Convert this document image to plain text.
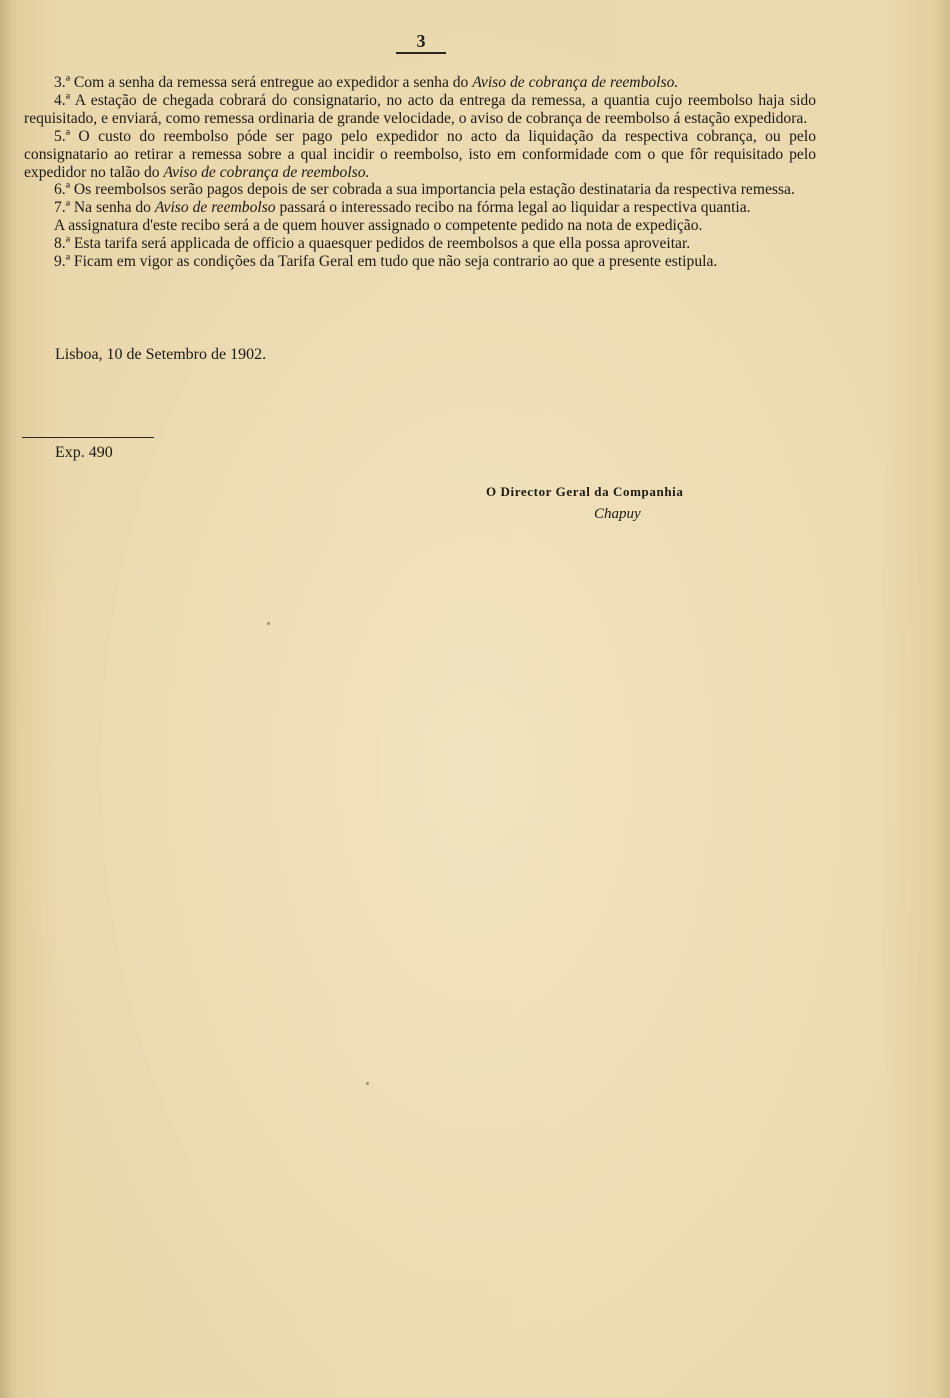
3

3.ª Com a senha da remessa será entregue ao expedidor a senha do Aviso de cobrança de reembolso.

4.ª A estação de chegada cobrará do consignatario, no acto da entrega da remessa, a quantia cujo reembolso haja sido requisitado, e enviará, como remessa ordinaria de grande velocidade, o aviso de cobrança de reembolso á estação expedidora.

5.ª O custo do reembolso póde ser pago pelo expedidor no acto da liquidação da respectiva cobrança, ou pelo consignatario ao retirar a remessa sobre a qual incidir o reembolso, isto em conformidade com o que fôr requisitado pelo expedidor no talão do Aviso de cobrança de reembolso.

6.ª Os reembolsos serão pagos depois de ser cobrada a sua importancia pela estação destinataria da respectiva remessa.

7.ª Na senha do Aviso de reembolso passará o interessado recibo na fórma legal ao liquidar a respectiva quantia.

A assignatura d'este recibo será a de quem houver assignado o competente pedido na nota de expedição.

8.ª Esta tarifa será applicada de officio a quaesquer pedidos de reembolsos a que ella possa aproveitar.

9.ª Ficam em vigor as condições da Tarifa Geral em tudo que não seja contrario ao que a presente estipula.

Lisboa, 10 de Setembro de 1902.
Exp. 490
O Director Geral da Companhia
Chapuy
